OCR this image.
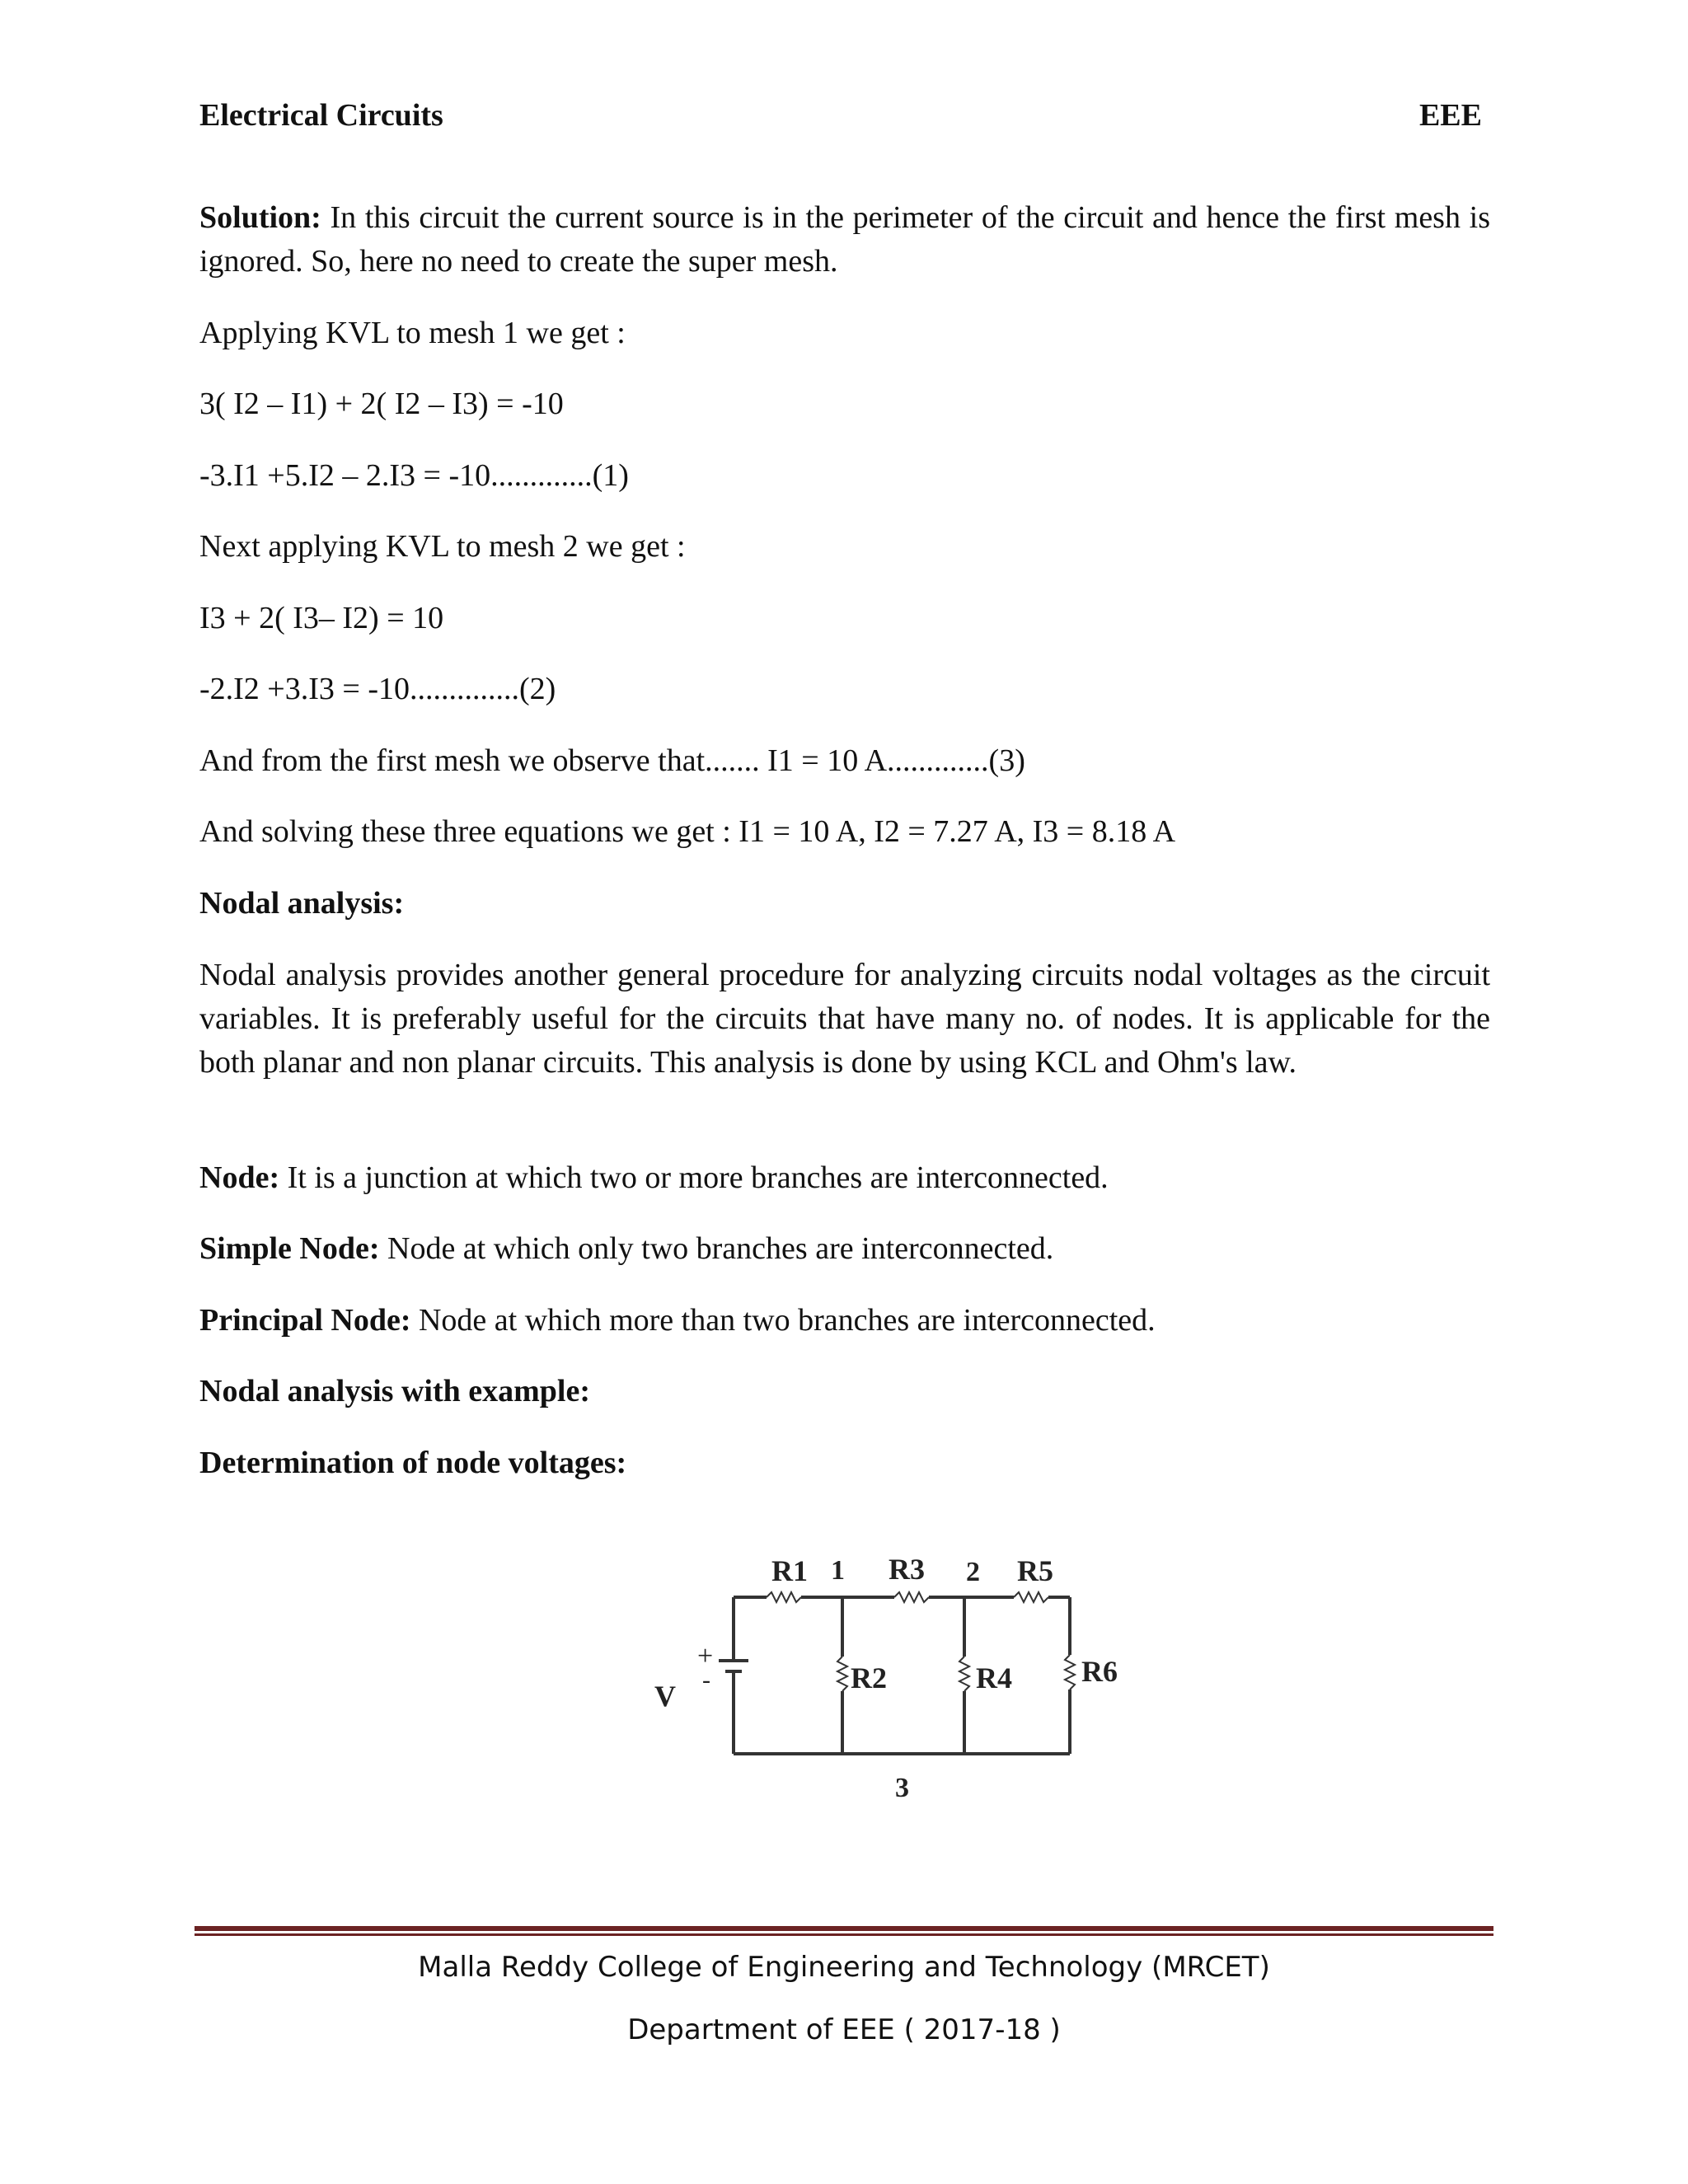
Electrical Circuits	EEE
Solution: In this circuit the current source is in the perimeter of the circuit and hence the first mesh is ignored. So, here no need to create the super mesh.
Applying KVL to mesh 1 we get :
3( I2 – I1) + 2( I2 – I3) = -10
-3.I1 +5.I2 – 2.I3 = -10.............(1)
Next applying KVL to mesh 2 we get :
I3 + 2( I3– I2) = 10
-2.I2 +3.I3 = -10..............(2)
And from the first mesh we observe that....... I1 = 10 A.............(3)
And solving these three equations we get : I1 = 10 A, I2 = 7.27 A, I3 = 8.18 A
Nodal analysis:
Nodal analysis provides another general procedure for analyzing circuits nodal voltages as the circuit variables. It is preferably useful for the circuits that have many no. of nodes. It is applicable for the both planar and non planar circuits. This analysis is done by using KCL and Ohm's law.
Node: It is a junction at which two or more branches are interconnected.
Simple Node: Node at which only two branches are interconnected.
Principal Node: Node at which more than two branches are interconnected.
Nodal analysis with example:
Determination of node voltages:
R1 1 R3 2 R5
R2	R4 R6
3
V
+
-
Malla Reddy College of Engineering and Technology (MRCET)
Department of EEE ( 2017-18 )
